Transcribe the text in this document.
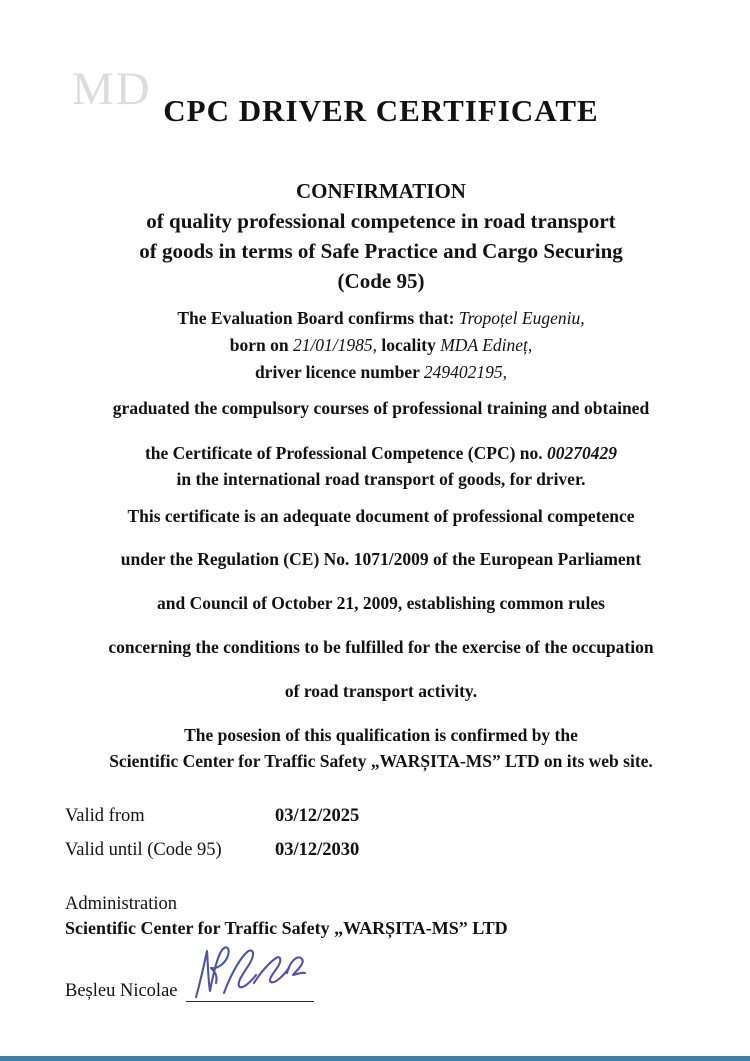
MD CPC DRIVER CERTIFICATE
CONFIRMATION
of quality professional competence in road transport
of goods in terms of Safe Practice and Cargo Securing
(Code 95)
The Evaluation Board confirms that: Tropoțel Eugeniu,
born on 21/01/1985, locality MDA Edineț,
driver licence number 249402195,
graduated the compulsory courses of professional training and obtained
the Certificate of Professional Competence (CPC) no. 00270429
in the international road transport of goods, for driver.
This certificate is an adequate document of professional competence
under the Regulation (CE) No. 1071/2009 of the European Parliament
and Council of October 21, 2009, establishing common rules
concerning the conditions to be fulfilled for the exercise of the occupation
of road transport activity.
The posesion of this qualification is confirmed by the
Scientific Center for Traffic Safety „WARȘITA-MS” LTD on its web site.
Valid from	03/12/2025
Valid until (Code 95)	03/12/2030
Administration
Scientific Center for Traffic Safety „WARȘITA-MS” LTD
Beșleu Nicolae
